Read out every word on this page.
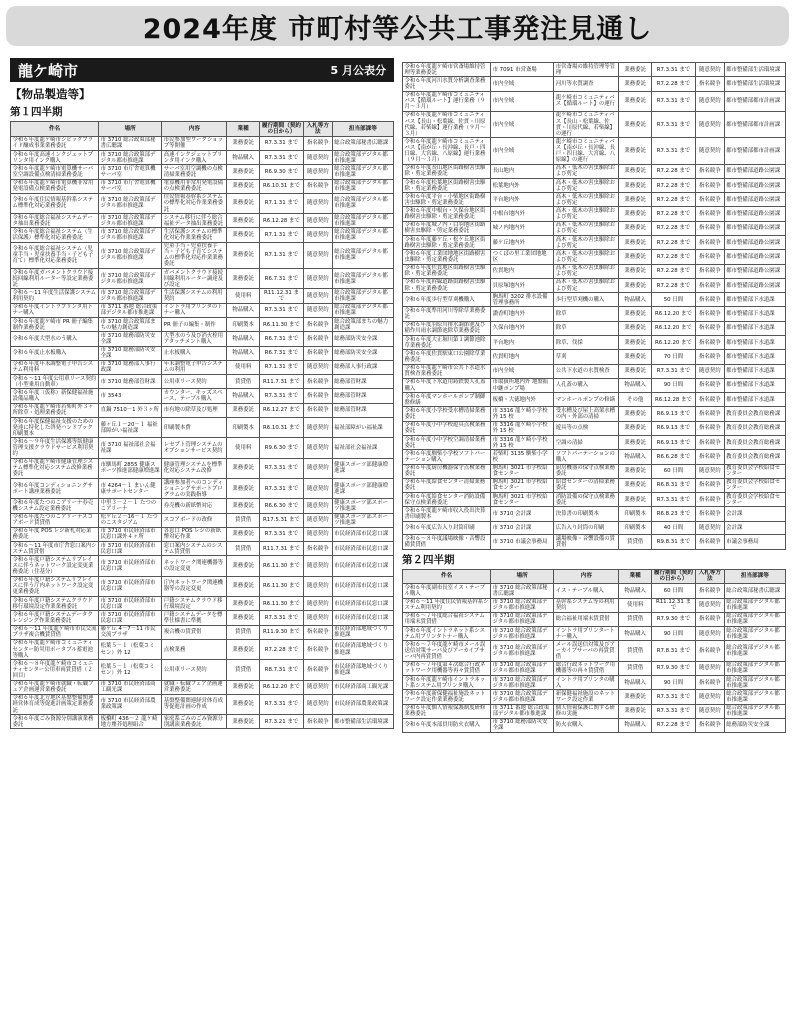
2024年度 市町村等公共工事発注見通し
龍ケ崎市	5 月公表分
【物品製造等】
第１四半期
件名	場所	内容	業種	履行期間（契約の日から）	入札等方法	担当部課等
令和６年度龍ケ崎市シビックプライド醸成事業業務委託	市 3710 総合政策部秘書広聴課	市民参加型ワークショップ等開催	業務委託	R7.3.31 まで	指名競争	総合政策部秘書広聴課
令和６年度高速インクジェットプリンタ用インク購入	市 3710 総合政策部デジタル都市推進課	高速インクジェットプリンタ用インク購入	物品購入	R7.3.31 まで	随意契約	総合政策部デジタル都市推進課
令和６年度龍ケ崎市電算機サーバ室空調設備点検清掃業務委託	市 3710 市庁舎電算機サーバ室	サーバ室用空調機の点検清掃業務委託	業務委託	R6.9.30 まで	随意契約	総合政策部デジタル都市推進課
令和６年度龍ケ崎市電算機非常用発電設備点検業務委託	市 3710 市庁舎電算機サーバ室	電算機用非常用発電設備の点検業務委託	業務委託	R6.10.31 まで	指名競争	総合政策部デジタル都市推進課
令和６年度住民情報基幹系システム標準化対応業務委託	市 3710 総合政策部デジタル都市推進課	住民情報基幹系システムの標準化対応作業業務委託	業務委託	R7.1.31 まで	随意契約	総合政策部デジタル都市推進課
令和６年度総合福祉システムデータ抽出業務委託	市 3710 総合政策部デジタル都市推進課	システム移行に伴う総合福祉データ抽出業務委託	業務委託	R6.12.28 まで	随意契約	総合政策部デジタル都市推進課
令和６年度総合福祉システム（生活保護）標準化対応業務委託	市 3710 総合政策部デジタル都市推進課	生活保護システムの標準化対応作業業務委託	業務委託	R7.1.31 まで	随意契約	総合政策部デジタル都市推進課
令和６年度総合福祉システム（児童手当・児童扶養手当・子ども子育て）標準化対応業務委託	市 3710 総合政策部デジタル都市推進課	児童手当・児童扶養手当・子ども子育てシステムの標準化対応作業業務委託	業務委託	R7.1.31 まで	随意契約	総合政策部デジタル都市推進課
令和６年度ガバメントクラウド接続回線利用ルーター等設定業務委託	市 3710 総合政策部デジタル都市推進課	ガバメントクラウド接続回線利用ルーター調達及び設定	業務委託	R6.7.31 まで	随意契約	総合政策部デジタル都市推進課
令和６～11 年度生活保護システム利用契約	市 3710 総合政策部デジタル都市推進課	生活保護システムの利用契約	使用料	R11.12.31 まで	随意契約	総合政策部デジタル都市推進課
令和６年度イントラプリンタ用トナー購入	市 3711 番地 総合政策部デジタル都市推進課	イントラ用プリンタのトナー購入	物品購入	R7.3.31 まで	随意契約	総合政策部デジタル都市推進課
令和６年度龍ケ崎市 PR 冊子編集制作業務委託	市 3710 総合政策部まちの魅力創造課	PR 冊子の編集・制作	印刷製本	R6.11.30 まで	指名競争	総合政策部まちの魅力創造課
令和６年度大型水のう購入	市 3710 総務部防災安全課	大型水のう及び消火栓用アタッチメント購入	物品購入	R6.7.31 まで	指名競争	総務部防災安全課
令和６年度止水板購入	市 3710 総務部防災安全課	止水板購入	物品購入	R6.7.31 まで	指名競争	総務部防災安全課
令和６年度年末調整電子申告システム利用料	市 3710 総務部人事行政課	年末調整電子申告システムの利用	使用料	R7.1.31 まで	随意契約	総務部人事行政課
令和６～11 年度公用車リース契約（小型乗用自動車）	市 3710 総務部管財課	公用車リース契約	賃貸借	R11.7.31 まで	指名競争	総務部管財課
令和６年度（仮称）新保健福祉施設備品購入	市 3543	カウンター、キッズスペース、テーブル購入	物品購入	R7.3.31 まで	指名競争	総務部管財課
令和６年度龍ケ崎市若柴町外３ヶ所除草・処理業務委託	直鍋 7510－1 外３ヶ所	市有地の除草及び処理	業務委託	R6.12.27 まで	指名競争	総務部管財課
令和６年度保健福祉支援のための発達に特化した啓発ハンドブック印刷製本	藤ヶ丘１－20－１ 福祉部障がい福祉課	印刷製本費	印刷製本	R6.10.31 まで	随意契約	福祉部障がい福祉課
令和６～９年度生活保護等版健康管理支援クラウドサービス利用契約	市 3710 福祉部社会福祉課	レセプト管理システムのオプションサービス契約	使用料	R9.6.30 まで	随意契約	福祉部社会福祉課
令和６年度龍ケ崎市健康管理システム標準化対応システム改修業務委託	市馴馬町 2855 健康スポーツ推進部健康増進課	健康管理システムを標準化対応システム改修	業務委託	R7.3.31 まで	随意契約	健康スポーツ部健康増進課
令和６年度コンディショニングサポート講座業務委託	市 4264－１ まいん健康サポートセンター	講座参加者へのコンディショニングサポートプログラムの実践指導	業務委託	R7.3.31 まで	随意契約	健康スポーツ部健康増進課
令和６年度たつのこアリーナ券売機システム設定業務委託	中里３－２－１ たつのこアリーナ	券売機の新紙幣対応	業務委託	R6.6.30 まで	随意契約	健康スポーツ部スポーツ推進課
令和６年度たつのこアリーナスコアボード賃貸借	松ケ丘２－16－１ たつのこスタジアム	スコアボードの改修	賃貸借	R17.5.31 まで	随意契約	健康スポーツ部スポーツ推進課
令和６年度 POS レジ新札対応業務委託	市 3710 市民経済部市民窓口課外４ヶ所	各窓口 POS レジの新紙幣対応作業	業務委託	R7.3.31 まで	随意契約	市民経済部市民窓口課
令和６～11 年度市庁舎窓口案内システム賃貸借	市 3710 市民経済部市民窓口課	窓口案内システムのシステム賃貸借	賃貸借	R11.7.31 まで	指名競争	市民経済部市民窓口課
令和６年度戸籍システムリプレイスに伴うネットワーク設定変更業務委託（住基分）	市 3710 市民経済部市民窓口課	ネットワーク関連機器等の設定変更	業務委託	R6.11.30 まで	随意契約	市民経済部市民窓口課
令和６年度戸籍システムリプレイスに伴う庁内ネットワーク設定変更業務委託	市 3710 市民経済部市民窓口課	庁内ネットワーク関連機器等の設定変更	業務委託	R6.11.30 まで	随意契約	市民経済部市民窓口課
令和６年度戸籍システムクラウド移行環境設定作業業務委託	市 3710 市民経済部市民窓口課	戸籍システムクラウド移行環境設定	業務委託	R6.11.30 まで	随意契約	市民経済部市民窓口課
令和６年度戸籍システムデータクレンジング作業業務委託	市 3710 市民経済部市民窓口課	戸籍システムデータを標準仕様書に準拠	業務委託	R7.3.31 まで	随意契約	市民経済部市民窓口課
令和６～11 年度龍ケ崎市市民交流プラザ複合機賃貸借	藤ケ丘 4－7－11 市民交流プラザ	複合機の賃貸借	賃貸借	R11.9.30 まで	指名競争	市民経済部地域づくり推進課
令和６年度龍ケ崎市コミュニティセンター防災用ポータブル蓄電池等購入	松葉５－１（松葉コミセン）外 12	点検業務	業務委託	R7.2.28 まで	指名競争	市民経済部地域づくり推進課
令和６～８年度龍ケ崎市コミュニティセンター公用車両賃貸借（２回目）	松葉５－１（松葉コミセン）外 12	公用車リース契約	賃貸借	R8.7.31 まで	指名競争	市民経済部地域づくり推進課
令和６年度龍ケ崎市就職・転職フェア企画運営業務委託	市 3710 市民経済部商工観光課	就職・転職フェア企画運営業務委託	業務委託	R6.12.20 まで	随意契約	市民経済部商工観光課
令和６年度北方地区基盤整備関連経営体育成等促進計画策定業務委託	市 3710 市民経済部農業政策課	基盤整備関連経営体育成等促進計画の作成	業務委託	R7.3.31 まで	随意契約	市民経済部農業政策課
令和６年度ごみ資源分別講演業務委託	板橋町 436－２ 龍ケ崎地方塵芥処理組合	家庭系ごみのごみ資源分別講演業務委託	業務委託	R7.3.21 まで	指名競争	都市整備部生活環境課
令和６年度龍ケ崎市営斎場維持管理等業務委託	市 7091 市営斎場	市営斎場の維持管理等管理	業務委託	R7.3.31 まで	随意契約	都市整備部生活環境課
令和６年度河川水質分析調査業務委託	市内全域	河川等水質調査	業務委託	R7.2.28 まで	指名競争	都市整備部生活環境課
令和６年度龍ケ崎市コミュニティバス【循環ルート】運行業務（９月～３月）	市内全域	龍ケ崎市コミュニティバス【循環ルート】の運行	業務委託	R7.3.31 まで	随意契約	都市整備部都市計画課
令和６年度龍ケ崎市コミュニティバス【長山・松葉線、佐貫・川原代線、若柴線】運行業務（９月～３月）	市内全域	龍ケ崎市コミュニティバス【長山・松葉線、佐貫・川原代線、若柴線】の運行	業務委託	R7.3.31 まで	随意契約	都市整備部都市計画課
令和６年度龍ケ崎市コミュニティバス【南が丘・長沖線、長戸・四日線、大宮線、八原線】運行業務（９月～３月）	市内全域	龍ケ崎市コミュニティバス【南が丘・長沖線、長戸・四日線、大宮線、八原線】の運行	業務委託	R7.3.31 まで	随意契約	都市整備部都市計画課
令和６年度長山地区街路樹害虫駆除・剪定業務委託	長山地内	高木・低木の害虫駆除および剪定	業務委託	R7.2.28 まで	指名競争	都市整備部道路公園課
令和６年度松葉地区街路樹害虫駆除・剪定業務委託	松葉地内外	高木・低木の害虫駆除および剪定	業務委託	R7.2.28 まで	指名競争	都市整備部道路公園課
令和６年度平台・小柴地区街路樹害虫駆除・剪定業務委託	平台地内外	高木・低木の害虫駆除および剪定	業務委託	R7.2.28 まで	指名競争	都市整備部道路公園課
令和６年度中根台・久保台地区街路樹害虫駆除・剪定業務委託	中根台地内外	高木・低木の害虫駆除および剪定	業務委託	R7.2.28 まで	指名競争	都市整備部道路公園課
令和６年度城ノ内・白羽地区街路樹害虫駆除・剪定業務委託	城ノ内地内外	高木・低木の害虫駆除および剪定	業務委託	R7.2.28 まで	指名競争	都市整備部道路公園課
令和６年度藤ケ丘・松ケ丘地区街路樹害虫駆除・剪定業務委託	藤ケ丘地内外	高木・低木の害虫駆除および剪定	業務委託	R7.2.28 まで	指名競争	都市整備部道路公園課
令和６年度工業団地地区街路樹害虫駆除・剪定業務委託	つくばの里工業団地地区	高木・低木の害虫駆除および剪定	業務委託	R7.2.28 まで	指名競争	都市整備部道路公園課
令和６年度佐貫地区街路樹害虫駆除・剪定業務委託	佐貫地内	高木・低木の害虫駆除および剪定	業務委託	R7.2.28 まで	指名競争	都市整備部道路公園課
令和６年度幹線道路街路樹害虫駆除・剪定業務委託	貝原塚地内外	高木・低木の害虫駆除および剪定	業務委託	R7.2.28 まで	指名競争	都市整備部道路公園課
令和６年度歩行型草刈機購入	駒馬町 3202 排水設備管理事務所	歩行型草刈機の購入	物品購入	50 日間	指名競争	都市整備部下水道課
令和６年度準用河川等除草業務委託	讃香町地内外	除草	業務委託	R6.12.20 まで	指名競争	都市整備部下水道課
令和６年度羽原川排水調節池及び稲作川雨水調節池除草業務委託	久保台地内外	除草	業務委託	R6.12.20 まで	指名競争	都市整備部下水道課
令和６年度大正堀川第１調節池除草業務委託	平台地内	除草、伐採	業務委託	R6.12.20 まで	指名競争	都市整備部下水道課
令和６年度佐貫駅東口公園除草業務委託	佐貫町地内	草刈	業務委託	70 日間	指名競争	都市整備部下水道課
令和６年度龍ケ崎市公共下水道水質検査業務委託	市内全域	公共下水道の水質検査	業務委託	R7.3.31 まで	随意契約	都市整備部下水道課
令和６年度下水道用鋳鉄製人孔蓋購入	市取扱所地内外 地盤振中継ポンプ場	人孔蓋の購入	物品購入	90 日間	指名競争	都市整備部下水道課
令和６年度マンホールポンプ制御盤修繕	板橋・大徳地内外	マンホールポンプの修繕	その他	R6.12.28 まで	指名競争	都市整備部下水道課
令和６年度小学校受水槽清掃業務委託	市 3316 龍ケ崎小学校外 15 校	受水槽及び屋上高架水槽の内・外部の清掃	業務委託	R6.9.13 まで	指名競争	教育委員会教育総務課
令和６年度小中学校遊具点検業務委託	市 3316 龍ケ崎小学校外 15 校	遊具等の点検	業務委託	R6.9.13 まで	指名競争	教育委員会教育総務課
令和６年度小中学校空調清掃業務委託	市 3316 龍ケ崎小学校外 15 校	空調の清掃	業務委託	R6.9.13 まで	指名競争	教育委員会教育総務課
令和６年度馴柴小学校ソフトパーテーション購入	若柴町 3135 馴柴小学校	ソフトパーテーションの購入	物品購入	R6.6.28 まで	指名競争	教育委員会教育総務課
令和６年度厨房機器保守点検業務委託	駒馬町 3021 市学校給食センター	厨房機器の保守点検業務委託	業務委託	60 日間	随意契約	教育委員会学校給食センター
令和６年度給食センター清掃業務委託	駒馬町 3021 市学校給食センター	給食センターの清掃業務委託	業務委託	R6.8.31 まで	指名競争	教育委員会学校給食センター
令和６年度給食センター消防設備保守点検業務委託	駒馬町 3021 市学校給食センター	消防設備の保守点検業務委託	業務委託	R7.3.31 まで	指名競争	教育委員会学校給食センター
令和６年度龍ケ崎市収入役出決算書印刷製本	市 3710 会計課	決算書の印刷製本	印刷製本	R6.8.23 まで	指名競争	会計課
令和６年度広告入り封筒印刷	市 3710 会計課	広告入り封筒の印刷	印刷製本	40 日間	随意契約	会計課
令和６～８年度議場映像・音響設備賃貸借	市 3710 市議会事務局	議場映像・音響設備の賃貸借	賃貸借	R9.8.31 まで	指名競争	市議会事務局
第２四半期
件名	場所	内容	業種	履行期間（契約の日から）	入札等方法	担当部課等
令和６年度副市長室イス・テーブル購入	市 3710 総合政策部秘書広聴課	イス・テーブル購入	物品購入	60 日間	指名競争	総合政策部秘書広聴課
令和６～11 年度住民情報基幹系システム利用契約	市 3710 総合政策部デジタル都市推進課	基幹系システム等の利用契約	使用料	R11.12.31 まで	随意契約	総合政策部デジタル都市推進課
令和６～７年度総合福祉システム用端末賃貸借	市 3710 総合政策部デジタル都市推進課	総合福祉用端末賃貸借	賃貸借	R7.9.30 まで	指名競争	総合政策部デジタル都市推進課
令和６年度イントラネット系システム用プリンタトナー購入	市 3710 総合政策部デジタル都市推進課	イントラ用プリンタートナー購入	物品購入	90 日間	随意契約	総合政策部デジタル都市推進課
令和６～７年度龍ケ崎市メール誤送信対策サーバ及びアーカイブサーバ内再賃貸借	市 3710 総合政策部デジタル都市推進課	メール誤送信対策及びアーカイブサーバの再賃貸借	賃貸借	R7.8.31 まで	指名競争	総合政策部デジタル都市推進課
令和６～７年度第４次総合行政ネットワーク用機器等再々賃貸借	市 3710 総合政策部デジタル都市推進課	総合行政ネットワーク用機器等の再々賃貸借	賃貸借	R7.9.30 まで	随意契約	総合政策部デジタル都市推進課
令和６年度龍ケ崎市イントラネット系システム用プリンタ購入	市 3710 総合政策部デジタル都市推進課	イントラ用プリンタの購入	物品購入	90 日間	指名競争	総合政策部デジタル都市推進課
令和６年度新保健福祉施設ネットワーク設定作業業務委託	市 3710 総合政策部デジタル都市推進課	新保健福祉施設のネットワーク設定作業	業務委託	R7.3.31 まで	随意契約	総合政策部デジタル都市推進課
令和６年度個人情報保護制度研修業務委託	市 3711 番地 総合政策部デジタル都市推進課	個人情報保護に関する研修の実施	業務委託	R7.3.31 まで	随意契約	総合政策部デジタル都市推進課
令和６年度本部員用防火衣購入	市 3710 総務部防災安全課	防火衣購入	物品購入	R7.2.28 まで	指名競争	総務部防災安全課
